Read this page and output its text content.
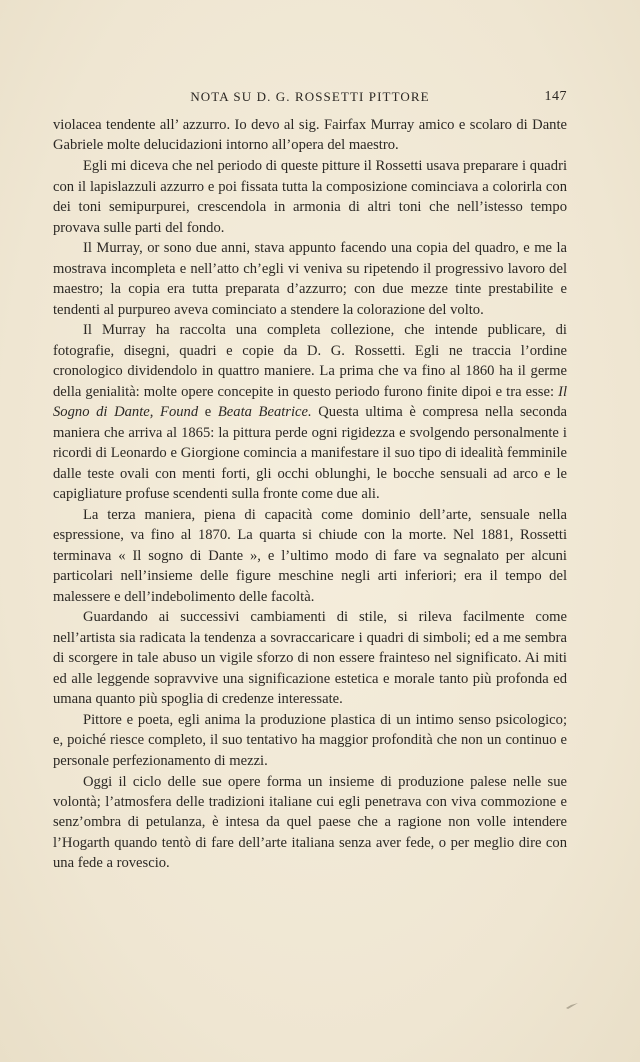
NOTA SU D. G. ROSSETTI PITTORE	147

violacea tendente all’ azzurro. Io devo al sig. Fairfax Murray amico e scolaro di Dante Gabriele molte delucidazioni intorno all’opera del maestro.

Egli mi diceva che nel periodo di queste pitture il Rossetti usava preparare i quadri con il lapislazzuli azzurro e poi fissata tutta la composizione cominciava a colorirla con dei toni semipurpurei, crescendola in armonia di altri toni che nell’istesso tempo provava sulle parti del fondo.

Il Murray, or sono due anni, stava appunto facendo una copia del quadro, e me la mostrava incompleta e nell’atto ch’egli vi veniva su ripetendo il progressivo lavoro del maestro; la copia era tutta preparata d’azzurro; con due mezze tinte prestabilite e tendenti al purpureo aveva cominciato a stendere la colorazione del volto.

Il Murray ha raccolta una completa collezione, che intende publicare, di fotografie, disegni, quadri e copie da D. G. Rossetti. Egli ne traccia l’ordine cronologico dividendolo in quattro maniere. La prima che va fino al 1860 ha il germe della genialità: molte opere concepite in questo periodo furono finite dipoi e tra esse: Il Sogno di Dante, Found e Beata Beatrice. Questa ultima è compresa nella seconda maniera che arriva al 1865: la pittura perde ogni rigidezza e svolgendo personalmente i ricordi di Leonardo e Giorgione comincia a manifestare il suo tipo di idealità femminile dalle teste ovali con menti forti, gli occhi oblunghi, le bocche sensuali ad arco e le capigliature profuse scendenti sulla fronte come due ali.

La terza maniera, piena di capacità come dominio dell’arte, sensuale nella espressione, va fino al 1870. La quarta si chiude con la morte. Nel 1881, Rossetti terminava « Il sogno di Dante », e l’ultimo modo di fare va segnalato per alcuni particolari nell’insieme delle figure meschine negli arti inferiori; era il tempo del malessere e dell’indebolimento delle facoltà.

Guardando ai successivi cambiamenti di stile, si rileva facilmente come nell’artista sia radicata la tendenza a sovraccaricare i quadri di simboli; ed a me sembra di scorgere in tale abuso un vigile sforzo di non essere frainteso nel significato. Ai miti ed alle leggende sopravvive una significazione estetica e morale tanto più profonda ed umana quanto più spoglia di credenze interessate.

Pittore e poeta, egli anima la produzione plastica di un intimo senso psicologico; e, poiché riesce completo, il suo tentativo ha maggior profondità che non un continuo e personale perfezionamento di mezzi.

Oggi il ciclo delle sue opere forma un insieme di produzione palese nelle sue volontà; l’atmosfera delle tradizioni italiane cui egli penetrava con viva commozione e senz’ombra di petulanza, è intesa da quel paese che a ragione non volle intendere l’Hogarth quando tentò di fare dell’arte italiana senza aver fede, o per meglio dire con una fede a rovescio.
